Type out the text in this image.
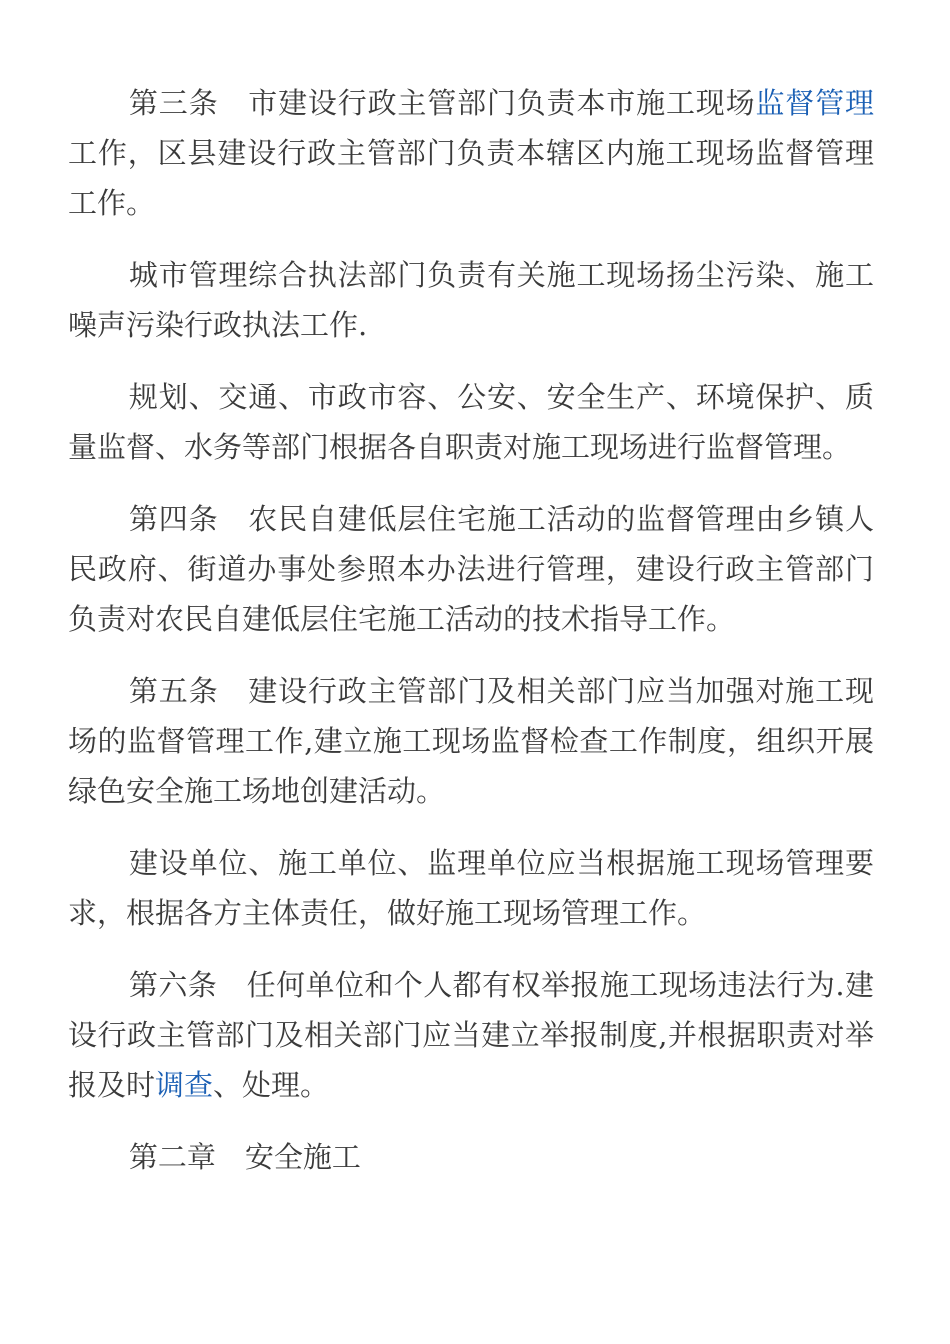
第三条 市建设行政主管部门负责本市施工现场监督管理工作，区县建设行政主管部门负责本辖区内施工现场监督管理工作。

城市管理综合执法部门负责有关施工现场扬尘污染、施工噪声污染行政执法工作.

规划、交通、市政市容、公安、安全生产、环境保护、质量监督、水务等部门根据各自职责对施工现场进行监督管理。

第四条 农民自建低层住宅施工活动的监督管理由乡镇人民政府、街道办事处参照本办法进行管理，建设行政主管部门负责对农民自建低层住宅施工活动的技术指导工作。

第五条 建设行政主管部门及相关部门应当加强对施工现场的监督管理工作,建立施工现场监督检查工作制度，组织开展绿色安全施工场地创建活动。

建设单位、施工单位、监理单位应当根据施工现场管理要求，根据各方主体责任，做好施工现场管理工作。

第六条 任何单位和个人都有权举报施工现场违法行为.建设行政主管部门及相关部门应当建立举报制度,并根据职责对举报及时调查、处理。

第二章 安全施工
